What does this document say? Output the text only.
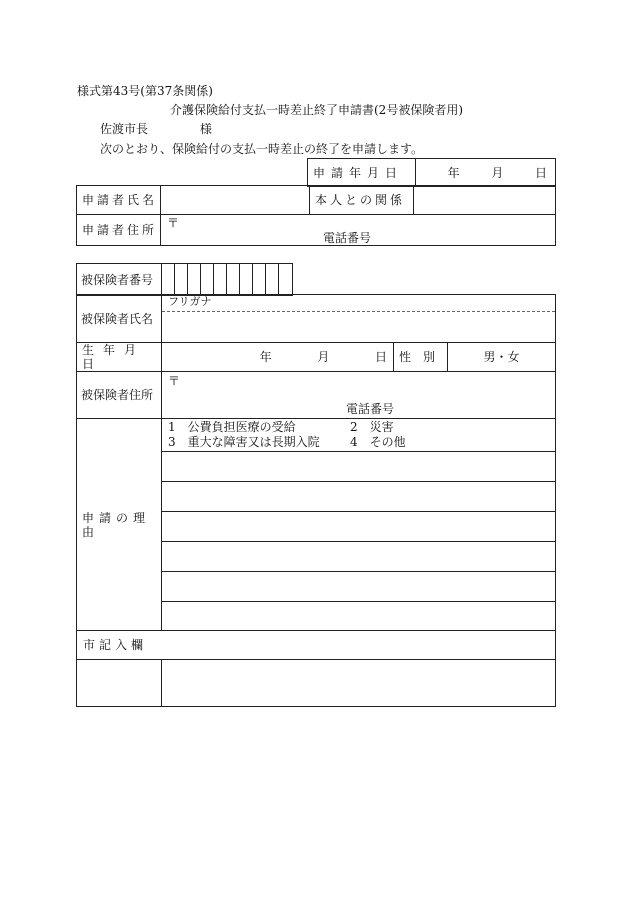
様式第43号(第37条関係)
介護保険給付支払一時差止終了申請書(2号被保険者用)
佐渡市長	様
次のとおり、保険給付の支払一時差止の終了を申請します。
申請年月日	年	月	日
申請者氏名		本人との関係	
申請者住所	〒
電話番号		
被保険者番号	
被保険者氏名	フリガナ		

生年月日	年 月 日	性別	男・女
被保険者住所	〒
電話番号		

申請の理由	1　公費負担医療の受給 2　災害
3　重大な障害又は長期入院 4　その他		

市記入欄			
